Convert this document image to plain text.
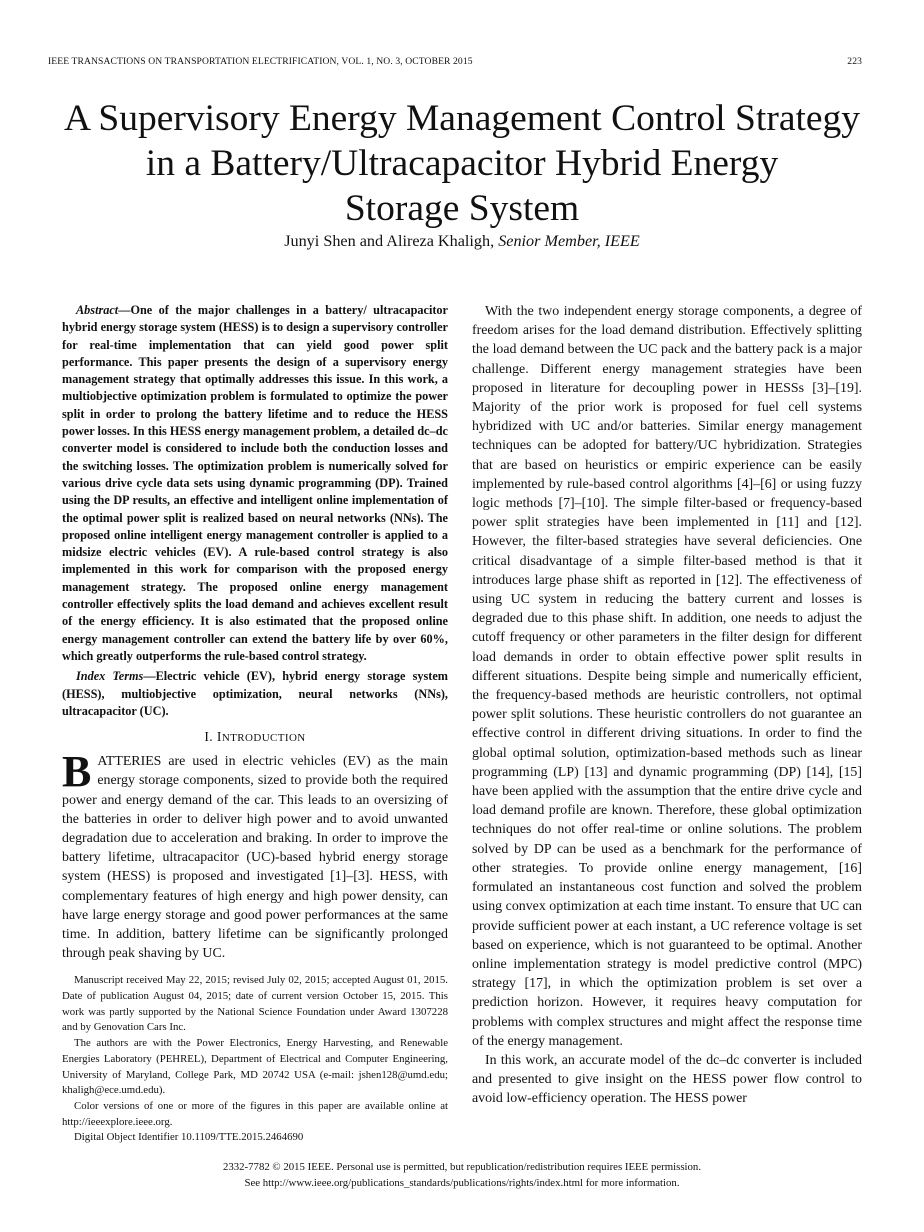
IEEE TRANSACTIONS ON TRANSPORTATION ELECTRIFICATION, VOL. 1, NO. 3, OCTOBER 2015	223
A Supervisory Energy Management Control Strategy
in a Battery/Ultracapacitor Hybrid Energy
Storage System
Junyi Shen and Alireza Khaligh, Senior Member, IEEE

Abstract—One of the major challenges in a battery/ ultracapacitor hybrid energy storage system (HESS) is to design a supervisory controller for real-time implementation that can yield good power split performance. This paper presents the design of a supervisory energy management strategy that optimally addresses this issue. In this work, a multiobjective optimization problem is formulated to optimize the power split in order to prolong the battery lifetime and to reduce the HESS power losses. In this HESS energy management problem, a detailed dc–dc converter model is considered to include both the conduction losses and the switching losses. The optimization problem is numerically solved for various drive cycle data sets using dynamic programming (DP). Trained using the DP results, an effective and intelligent online implementation of the optimal power split is realized based on neural networks (NNs). The proposed online intelligent energy management controller is applied to a midsize electric vehicles (EV). A rule-based control strategy is also implemented in this work for comparison with the proposed energy management strategy. The proposed online energy management controller effectively splits the load demand and achieves excellent result of the energy efficiency. It is also estimated that the proposed online energy management controller can extend the battery life by over 60%, which greatly outperforms the rule-based control strategy.

Index Terms—Electric vehicle (EV), hybrid energy storage system (HESS), multiobjective optimization, neural networks (NNs), ultracapacitor (UC).

I. INTRODUCTION

BATTERIES are used in electric vehicles (EV) as the main energy storage components, sized to provide both the required power and energy demand of the car. This leads to an oversizing of the batteries in order to deliver high power and to avoid unwanted degradation due to acceleration and braking. In order to improve the battery lifetime, ultracapacitor (UC)-based hybrid energy storage system (HESS) is proposed and investigated [1]–[3]. HESS, with complementary features of high energy and high power density, can have large energy storage and good power performances at the same time. In addition, battery lifetime can be significantly prolonged through peak shaving by UC.

Manuscript received May 22, 2015; revised July 02, 2015; accepted August 01, 2015. Date of publication August 04, 2015; date of current version October 15, 2015. This work was partly supported by the National Science Foundation under Award 1307228 and by Genovation Cars Inc.

The authors are with the Power Electronics, Energy Harvesting, and Renewable Energies Laboratory (PEHREL), Department of Electrical and Computer Engineering, University of Maryland, College Park, MD 20742 USA (e-mail: jshen128@umd.edu; khaligh@ece.umd.edu).

Color versions of one or more of the figures in this paper are available online at http://ieeexplore.ieee.org.

Digital Object Identifier 10.1109/TTE.2015.2464690

With the two independent energy storage components, a degree of freedom arises for the load demand distribution. Effectively splitting the load demand between the UC pack and the battery pack is a major challenge. Different energy management strategies have been proposed in literature for decoupling power in HESSs [3]–[19]. Majority of the prior work is proposed for fuel cell systems hybridized with UC and/or batteries. Similar energy management techniques can be adopted for battery/UC hybridization. Strategies that are based on heuristics or empiric experience can be easily implemented by rule-based control algorithms [4]–[6] or using fuzzy logic methods [7]–[10]. The simple filter-based or frequency-based power split strategies have been implemented in [11] and [12]. However, the filter-based strategies have several deficiencies. One critical disadvantage of a simple filter-based method is that it introduces large phase shift as reported in [12]. The effectiveness of using UC system in reducing the battery current and losses is degraded due to this phase shift. In addition, one needs to adjust the cutoff frequency or other parameters in the filter design for different load demands in order to obtain effective power split results in different situations. Despite being simple and numerically efficient, the frequency-based methods are heuristic controllers, not optimal power split solutions. These heuristic controllers do not guarantee an effective control in different driving situations. In order to find the global optimal solution, optimization-based methods such as linear programming (LP) [13] and dynamic programming (DP) [14], [15] have been applied with the assumption that the entire drive cycle and load demand profile are known. Therefore, these global optimization techniques do not offer real-time or online solutions. The problem solved by DP can be used as a benchmark for the performance of other strategies. To provide online energy management, [16] formulated an instantaneous cost function and solved the problem using convex optimization at each time instant. To ensure that UC can provide sufficient power at each instant, a UC reference voltage is set based on experience, which is not guaranteed to be optimal. Another online implementation strategy is model predictive control (MPC) strategy [17], in which the optimization problem is set over a prediction horizon. However, it requires heavy computation for problems with complex structures and might affect the response time of the energy management.

In this work, an accurate model of the dc–dc converter is included and presented to give insight on the HESS power flow control to avoid low-efficiency operation. The HESS power

2332-7782 © 2015 IEEE. Personal use is permitted, but republication/redistribution requires IEEE permission.
See http://www.ieee.org/publications_standards/publications/rights/index.html for more information.
